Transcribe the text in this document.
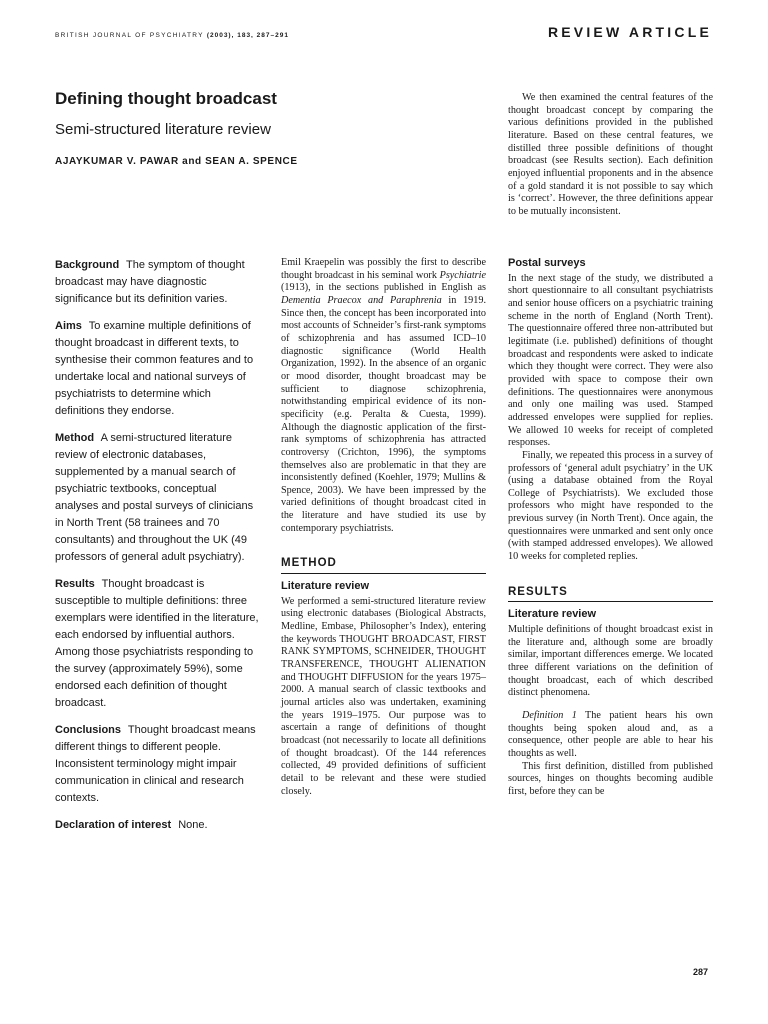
BRITISH JOURNAL OF PSYCHIATRY (2003), 183, 287–291	REVIEW ARTICLE
Defining thought broadcast
Semi-structured literature review
AJAYKUMAR V. PAWAR and SEAN A. SPENCE

Background The symptom of thought broadcast may have diagnostic significance but its definition varies.

Aims To examine multiple definitions of thought broadcast in different texts, to synthesise their common features and to undertake local and national surveys of psychiatrists to determine which definitions they endorse.

Method A semi-structured literature review of electronic databases, supplemented by a manual search of psychiatric textbooks, conceptual analyses and postal surveys of clinicians in North Trent (58 trainees and 70 consultants) and throughout the UK (49 professors of general adult psychiatry).

Results Thought broadcast is susceptible to multiple definitions: three exemplars were identified in the literature, each endorsed by influential authors. Among those psychiatrists responding to the survey (approximately 59%), some endorsed each definition of thought broadcast.

Conclusions Thought broadcast means different things to different people. Inconsistent terminology might impair communication in clinical and research contexts.

Declaration of interest None.

Emil Kraepelin was possibly the first to describe thought broadcast in his seminal work Psychiatrie (1913), in the sections published in English as Dementia Praecox and Paraphrenia in 1919. Since then, the concept has been incorporated into most accounts of Schneider’s first-rank symptoms of schizophrenia and has assumed ICD–10 diagnostic significance (World Health Organization, 1992). In the absence of an organic or mood disorder, thought broadcast may be sufficient to diagnose schizophrenia, notwithstanding empirical evidence of its non-specificity (e.g. Peralta & Cuesta, 1999). Although the diagnostic application of the first-rank symptoms of schizophrenia has attracted controversy (Crichton, 1996), the symptoms themselves also are problematic in that they are inconsistently defined (Koehler, 1979; Mullins & Spence, 2003). We have been impressed by the varied definitions of thought broadcast cited in the literature and have studied its use by contemporary psychiatrists.

METHOD
Literature review

We performed a semi-structured literature review using electronic databases (Biological Abstracts, Medline, Embase, Philosopher’s Index), entering the keywords THOUGHT BROADCAST, FIRST RANK SYMPTOMS, SCHNEIDER, THOUGHT TRANSFERENCE, THOUGHT ALIENATION and THOUGHT DIFFUSION for the years 1975–2000. A manual search of classic textbooks and journal articles also was undertaken, examining the years 1919–1975. Our purpose was to ascertain a range of definitions of thought broadcast (not necessarily to locate all definitions of thought broadcast). Of the 144 references collected, 49 provided definitions of sufficient detail to be relevant and these were studied closely.

We then examined the central features of the thought broadcast concept by comparing the various definitions provided in the published literature. Based on these central features, we distilled three possible definitions of thought broadcast (see Results section). Each definition enjoyed influential proponents and in the absence of a gold standard it is not possible to say which is ‘correct’. However, the three definitions appear to be mutually inconsistent.

Postal surveys

In the next stage of the study, we distributed a short questionnaire to all consultant psychiatrists and senior house officers on a psychiatric training scheme in the north of England (North Trent). The questionnaire offered three non-attributed but legitimate (i.e. published) definitions of thought broadcast and respondents were asked to indicate which they thought were correct. They were also provided with space to compose their own definitions. The questionnaires were anonymous and only one mailing was used. Stamped addressed envelopes were supplied for replies. We allowed 10 weeks for receipt of completed responses.

Finally, we repeated this process in a survey of professors of ‘general adult psychiatry’ in the UK (using a database obtained from the Royal College of Psychiatrists). We excluded those professors who might have responded to the previous survey (in North Trent). Once again, the questionnaires were unmarked and sent only once (with stamped addressed envelopes). We allowed 10 weeks for completed replies.

RESULTS
Literature review

Multiple definitions of thought broadcast exist in the literature and, although some are broadly similar, important differences emerge. We located three different variations on the definition of thought broadcast, each of which described distinct phenomena.

Definition 1 The patient hears his own thoughts being spoken aloud and, as a consequence, other people are able to hear his thoughts as well.

This first definition, distilled from published sources, hinges on thoughts becoming audible first, before they can be

287
